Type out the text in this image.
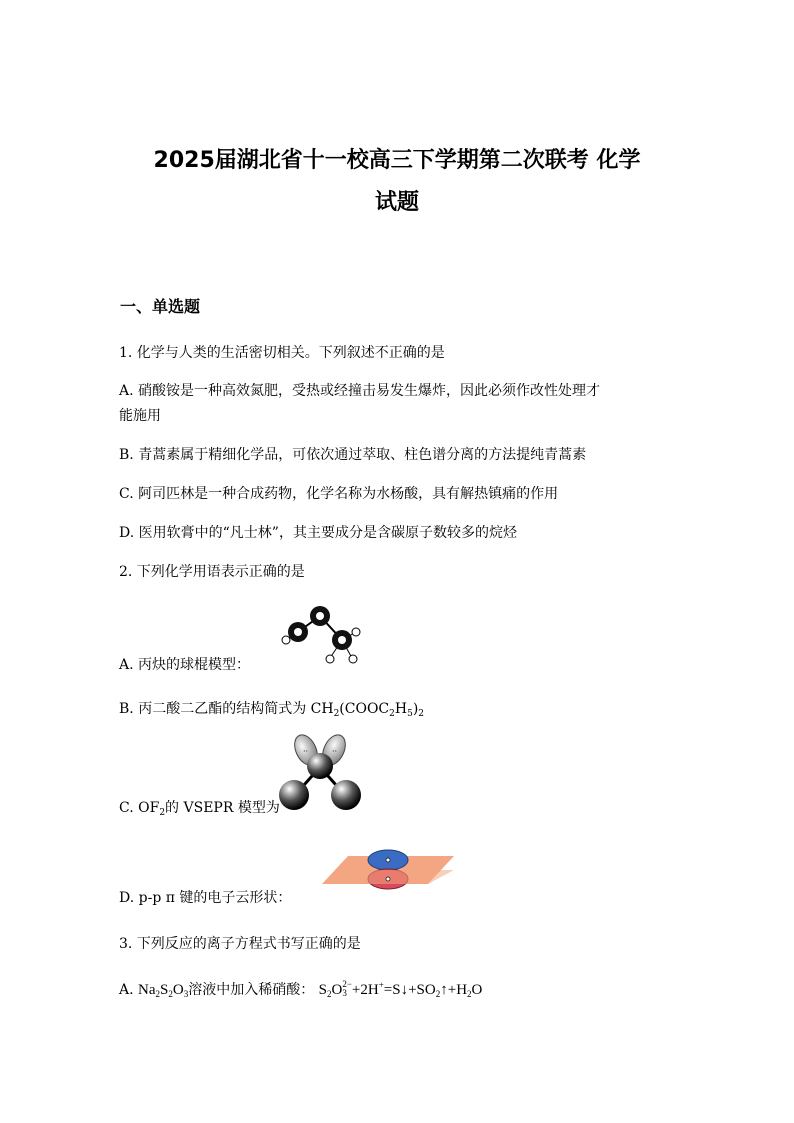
2025届湖北省十一校高三下学期第二次联考 化学
试题
一、单选题
1. 化学与人类的生活密切相关。下列叙述不正确的是
A. 硝酸铵是一种高效氮肥，受热或经撞击易发生爆炸，因此必须作改性处理才
能施用
B. 青蒿素属于精细化学品，可依次通过萃取、柱色谱分离的方法提纯青蒿素
C. 阿司匹林是一种合成药物，化学名称为水杨酸，具有解热镇痛的作用
D. 医用软膏中的“凡士林”，其主要成分是含碳原子数较多的烷烃
2. 下列化学用语表示正确的是
A. 丙炔的球棍模型：
B. 丙二酸二乙酯的结构简式为 $CH_2(COOC_2H_5)_2$
C. $OF_2$的 VSEPR 模型为
··	··
D. p-p π 键的电子云形状：
3. 下列反应的离子方程式书写正确的是
A. $Na_2S_2O_3$溶液中加入稀硝酸： $S_2O$ 2−
$3 +2H^+=S↓+SO_2↑+H_2O$
